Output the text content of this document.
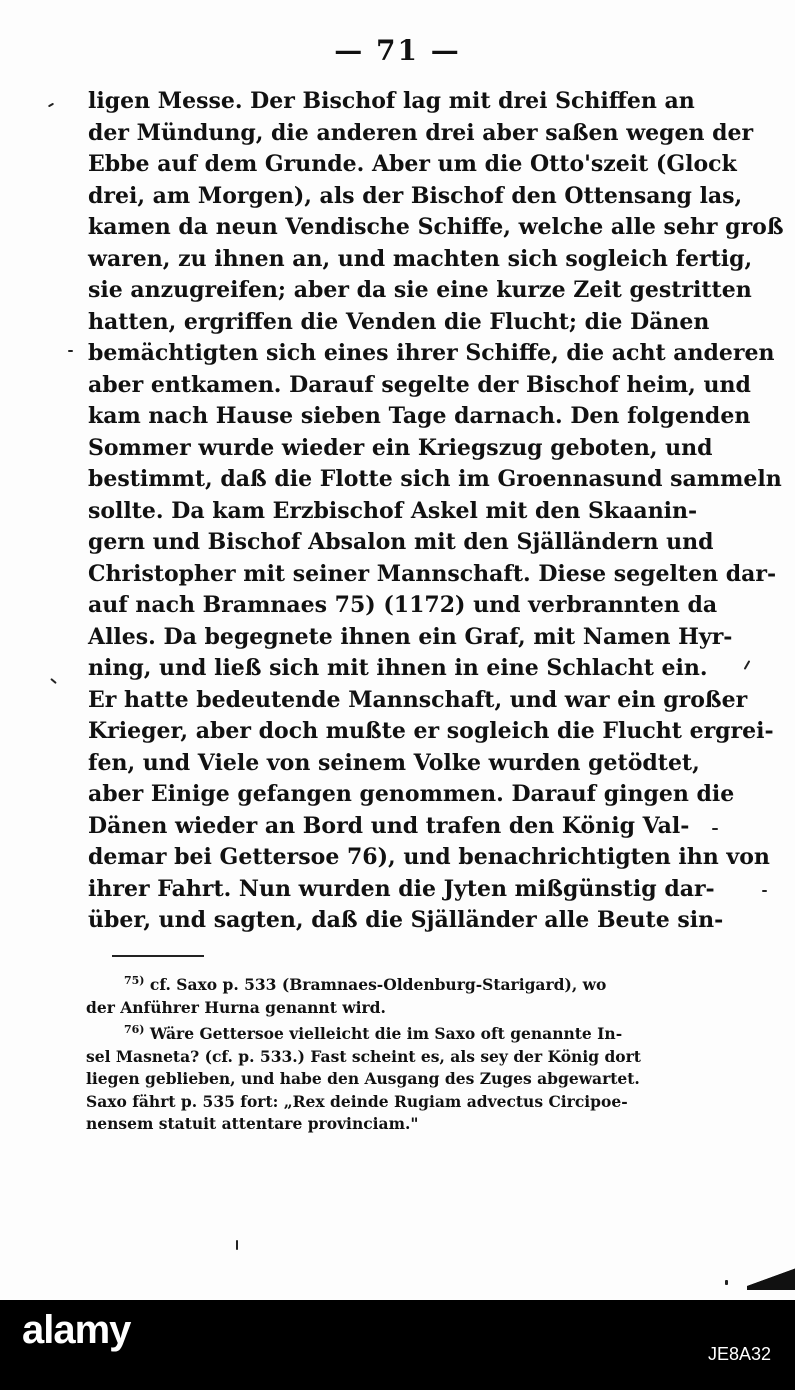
— 71 —
ligen Messe. Der Bischof lag mit drei Schiffen an
der Mündung, die anderen drei aber saßen wegen der
Ebbe auf dem Grunde. Aber um die Otto'szeit (Glock
drei, am Morgen), als der Bischof den Ottensang las,
kamen da neun Vendische Schiffe, welche alle sehr groß
waren, zu ihnen an, und machten sich sogleich fertig,
sie anzugreifen; aber da sie eine kurze Zeit gestritten
hatten, ergriffen die Venden die Flucht; die Dänen
bemächtigten sich eines ihrer Schiffe, die acht anderen
aber entkamen. Darauf segelte der Bischof heim, und
kam nach Hause sieben Tage darnach. Den folgenden
Sommer wurde wieder ein Kriegszug geboten, und
bestimmt, daß die Flotte sich im Groennasund sammeln
sollte. Da kam Erzbischof Askel mit den Skaanin-
gern und Bischof Absalon mit den Själländern und
Christopher mit seiner Mannschaft. Diese segelten dar-
auf nach Bramnaes 75) (1172) und verbrannten da
Alles. Da begegnete ihnen ein Graf, mit Namen Hyr-
ning, und ließ sich mit ihnen in eine Schlacht ein.
Er hatte bedeutende Mannschaft, und war ein großer
Krieger, aber doch mußte er sogleich die Flucht ergrei-
fen, und Viele von seinem Volke wurden getödtet,
aber Einige gefangen genommen. Darauf gingen die
Dänen wieder an Bord und trafen den König Val-
demar bei Gettersoe 76), und benachrichtigten ihn von
ihrer Fahrt. Nun wurden die Jyten mißgünstig dar-
über, und sagten, daß die Själländer alle Beute sin-
$^{75)}$ cf. Saxo p. 533 (Bramnaes-Oldenburg-Starigard), wo
der Anführer Hurna genannt wird.
$^{76)}$ Wäre Gettersoe vielleicht die im Saxo oft genannte In-
sel Masneta? (cf. p. 533.) Fast scheint es, als sey der König dort
liegen geblieben, und habe den Ausgang des Zuges abgewartet.
Saxo fährt p. 535 fort: „Rex deinde Rugiam advectus Circipoe-
nensem statuit attentare provinciam."
alamy
JE8A32
